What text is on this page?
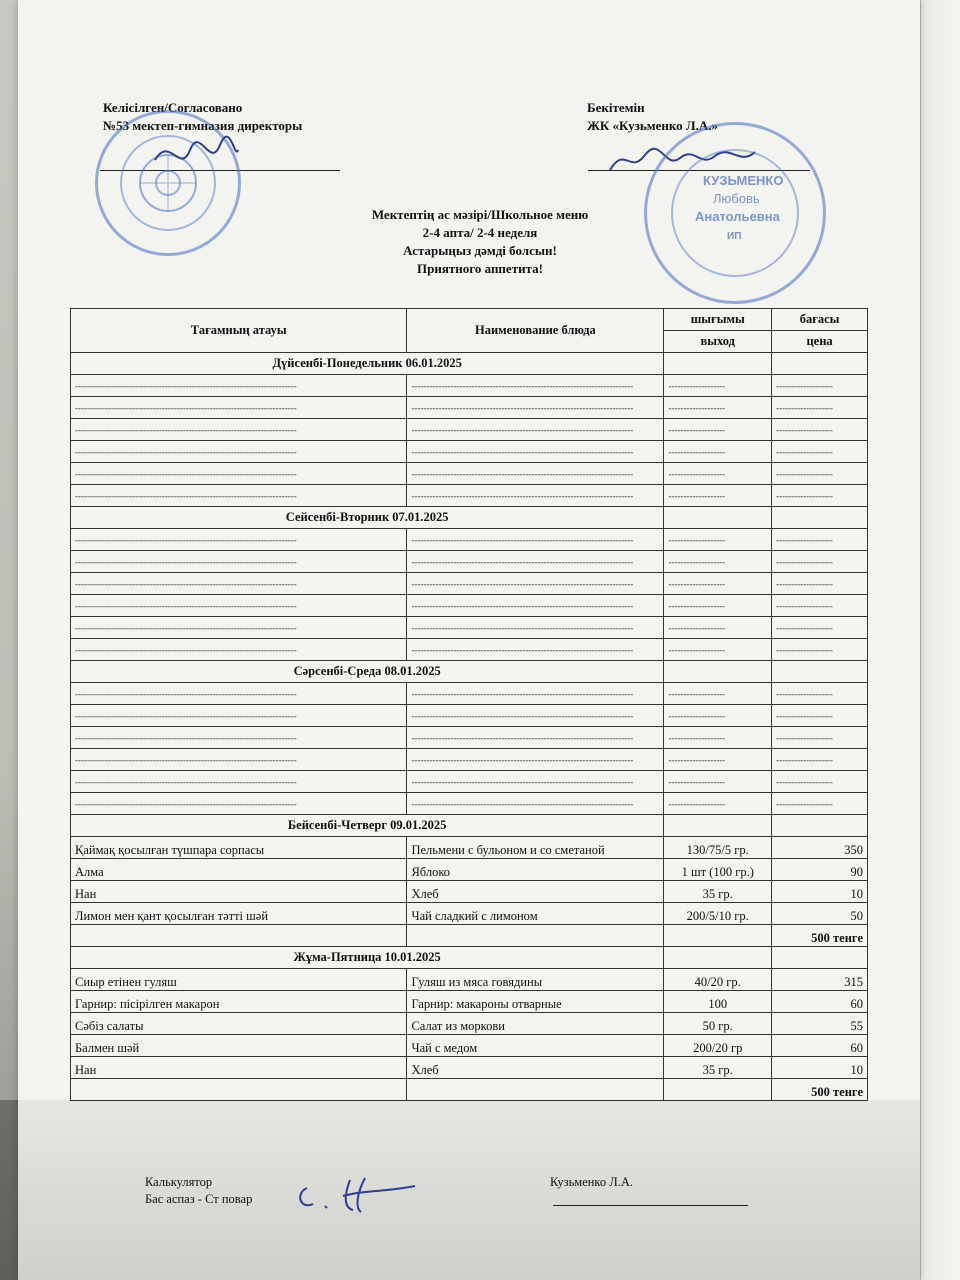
Келісілген/Согласовано
№53 мектеп-гимназия директоры
Бекітемін
ЖК «Кузьменко Л.А.»
КУЗЬМЕНКО
Любовь
Анатольевна
ИП
Мектептің ас мәзірі/Школьное меню
2-4 апта/ 2-4 неделя
Астарыңыз дәмді болсын!
Приятного аппетита!
Тағамның атауы	Наименование блюда	шығымы	бағасы
		выход	цена
Дүйсенбі-Понедельник 06.01.2025			
--------------------------------------------------------------------------	--------------------------------------------------------------------------	-------------------	-------------------
--------------------------------------------------------------------------	--------------------------------------------------------------------------	-------------------	-------------------
--------------------------------------------------------------------------	--------------------------------------------------------------------------	-------------------	-------------------
--------------------------------------------------------------------------	--------------------------------------------------------------------------	-------------------	-------------------
--------------------------------------------------------------------------	--------------------------------------------------------------------------	-------------------	-------------------
--------------------------------------------------------------------------	--------------------------------------------------------------------------	-------------------	-------------------
Сейсенбі-Вторник 07.01.2025			
--------------------------------------------------------------------------	--------------------------------------------------------------------------	-------------------	-------------------
--------------------------------------------------------------------------	--------------------------------------------------------------------------	-------------------	-------------------
--------------------------------------------------------------------------	--------------------------------------------------------------------------	-------------------	-------------------
--------------------------------------------------------------------------	--------------------------------------------------------------------------	-------------------	-------------------
--------------------------------------------------------------------------	--------------------------------------------------------------------------	-------------------	-------------------
--------------------------------------------------------------------------	--------------------------------------------------------------------------	-------------------	-------------------
Сәрсенбі-Среда 08.01.2025			
--------------------------------------------------------------------------	--------------------------------------------------------------------------	-------------------	-------------------
--------------------------------------------------------------------------	--------------------------------------------------------------------------	-------------------	-------------------
--------------------------------------------------------------------------	--------------------------------------------------------------------------	-------------------	-------------------
--------------------------------------------------------------------------	--------------------------------------------------------------------------	-------------------	-------------------
--------------------------------------------------------------------------	--------------------------------------------------------------------------	-------------------	-------------------
--------------------------------------------------------------------------	--------------------------------------------------------------------------	-------------------	-------------------
Бейсенбі-Четверг 09.01.2025			
Қаймақ қосылған түшпара сорпасы	Пельмени с бульоном и со сметаной	130/75/5 гр.	350
Алма	Яблоко	1 шт (100 гр.)	90
Нан	Хлеб	35 гр.	10
Лимон мен қант қосылған тәтті шәй	Чай сладкий с лимоном	200/5/10 гр.	50
			500 тенге
Жұма-Пятница 10.01.2025			
Сиыр етінен гуляш	Гуляш из мяса говядины	40/20 гр.	315
Гарнир: пісірілген макарон	Гарнир: макароны отварные	100	60
Сәбіз салаты	Салат из моркови	50 гр.	55
Балмен шәй	Чай с медом	200/20 гр	60
Нан	Хлеб	35 гр.	10
			500 тенге
Калькулятор
Бас аспаз - Ст повар
Кузьменко Л.А.
